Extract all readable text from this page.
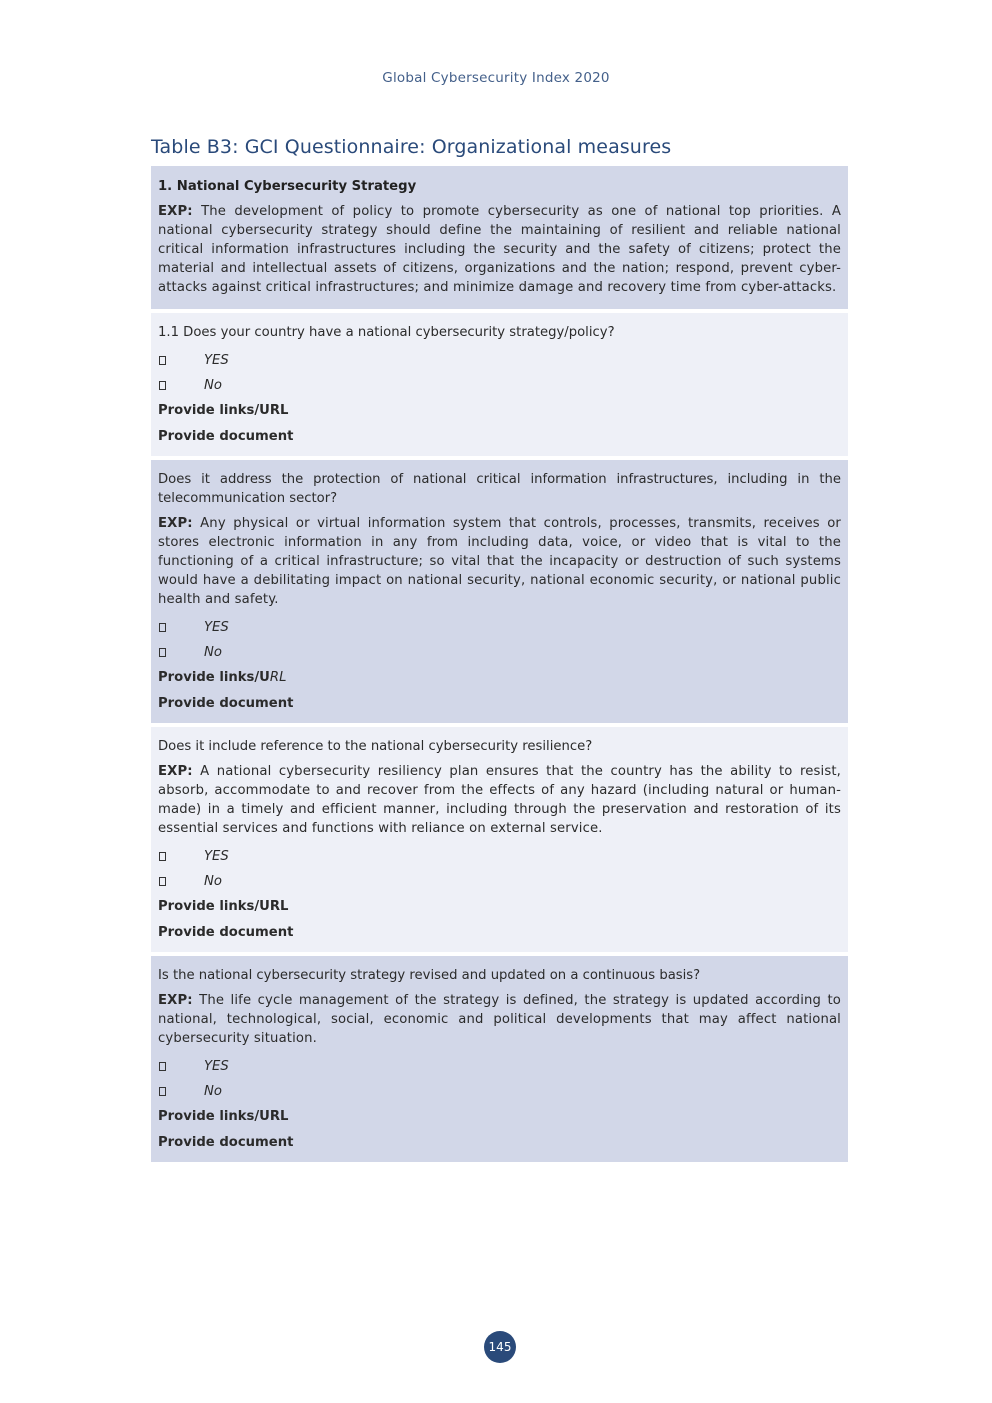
Global Cybersecurity Index 2020
Table B3: GCI Questionnaire: Organizational measures
1. National Cybersecurity Strategy
EXP: The development of policy to promote cybersecurity as one of national top priorities. A national cybersecurity strategy should define the maintaining of resilient and reliable national critical information infrastructures including the security and the safety of citizens; protect the material and intellectual assets of citizens, organizations and the nation; respond, prevent cyber-attacks against critical infrastructures; and minimize damage and recovery time from cyber-attacks.
1.1 Does your country have a national cybersecurity strategy/policy?
YES
No
Provide links/URL
Provide document
Does it address the protection of national critical information infrastructures, including in the telecommunication sector?
EXP: Any physical or virtual information system that controls, processes, transmits, receives or stores electronic information in any from including data, voice, or video that is vital to the functioning of a critical infrastructure; so vital that the incapacity or destruction of such systems would have a debilitating impact on national security, national economic security, or national public health and safety.
YES
No
Provide links/URL
Provide document
Does it include reference to the national cybersecurity resilience?
EXP: A national cybersecurity resiliency plan ensures that the country has the ability to resist, absorb, accommodate to and recover from the effects of any hazard (including natural or human-made) in a timely and efficient manner, including through the preservation and restoration of its essential services and functions with reliance on external service.
YES
No
Provide links/URL
Provide document
Is the national cybersecurity strategy revised and updated on a continuous basis?
EXP: The life cycle management of the strategy is defined, the strategy is updated according to national, technological, social, economic and political developments that may affect national cybersecurity situation.
YES
No
Provide links/URL
Provide document
145
